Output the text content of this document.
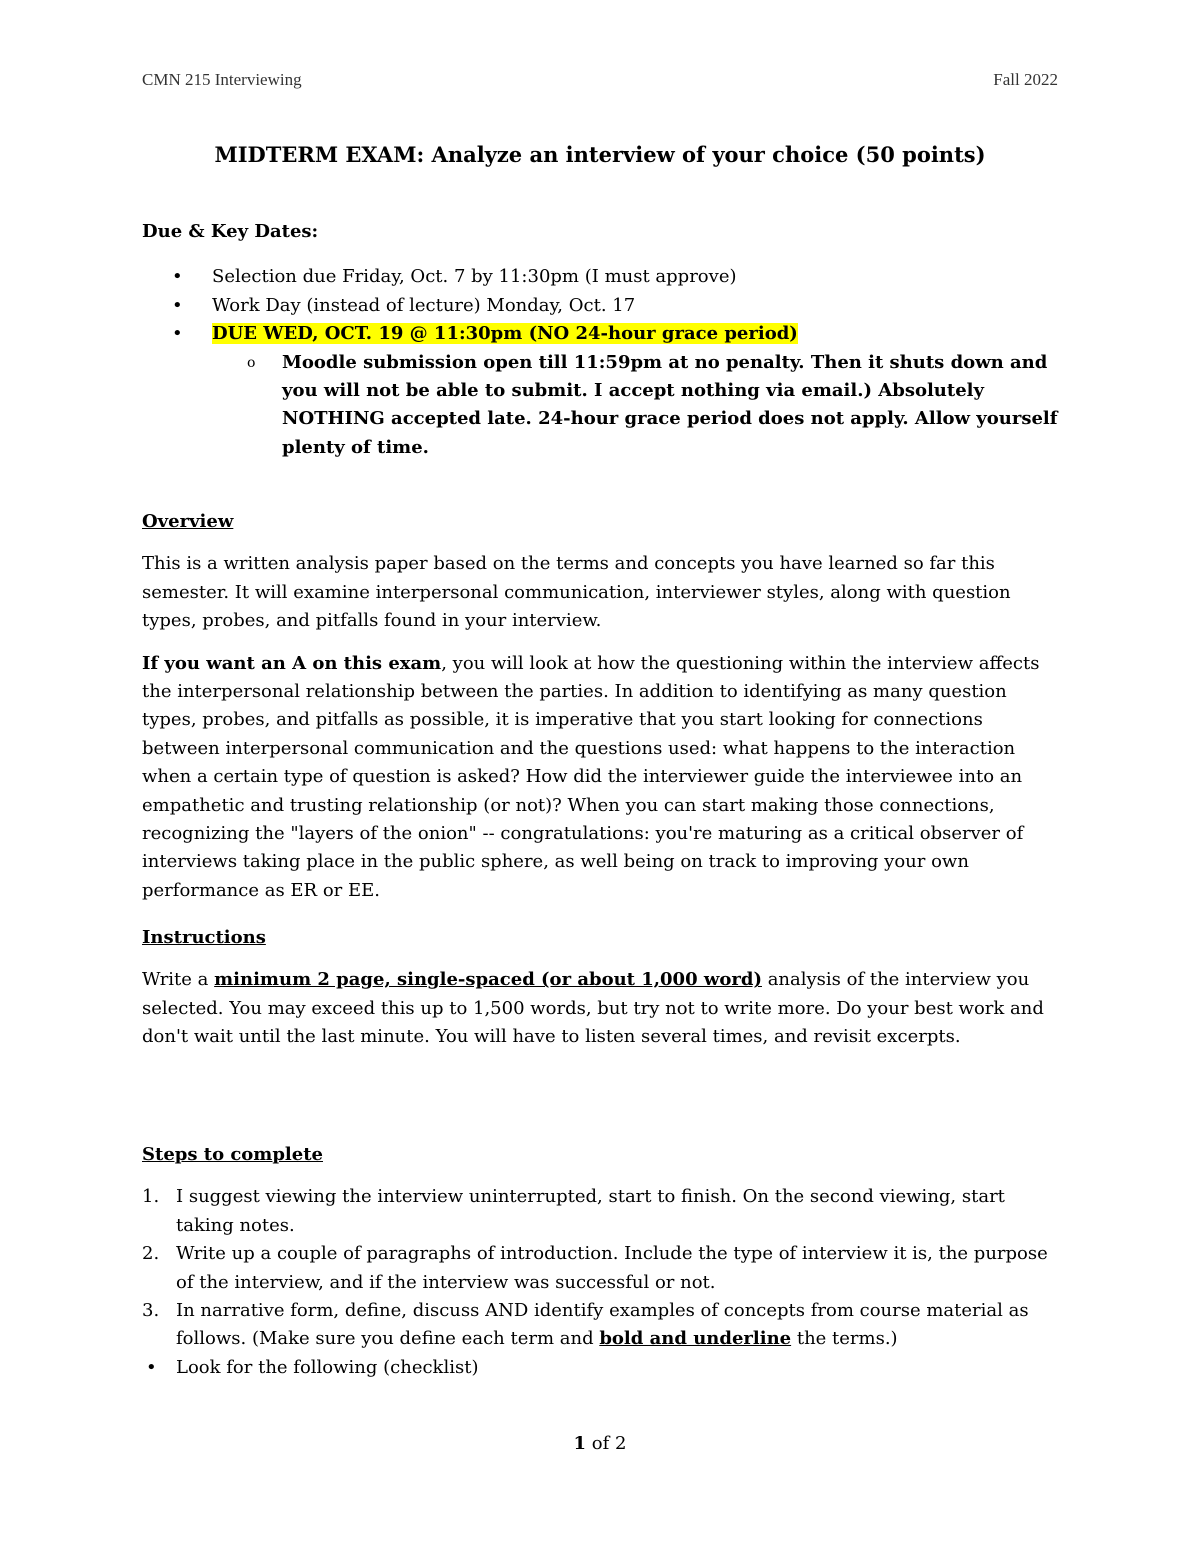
CMN 215 Interviewing	Fall 2022
MIDTERM EXAM: Analyze an interview of your choice (50 points)

Due & Key Dates:

• Selection due Friday, Oct. 7 by 11:30pm (I must approve)
• Work Day (instead of lecture) Monday, Oct. 17
• DUE WED, OCT. 19 @ 11:30pm (NO 24-hour grace period)
o Moodle submission open till 11:59pm at no penalty. Then it shuts down and you will not be able to submit. I accept nothing via email.) Absolutely NOTHING accepted late. 24-hour grace period does not apply. Allow yourself plenty of time.

Overview

This is a written analysis paper based on the terms and concepts you have learned so far this semester. It will examine interpersonal communication, interviewer styles, along with question types, probes, and pitfalls found in your interview.

If you want an A on this exam, you will look at how the questioning within the interview affects the interpersonal relationship between the parties. In addition to identifying as many question types, probes, and pitfalls as possible, it is imperative that you start looking for connections between interpersonal communication and the questions used: what happens to the interaction when a certain type of question is asked? How did the interviewer guide the interviewee into an empathetic and trusting relationship (or not)? When you can start making those connections, recognizing the "layers of the onion" -- congratulations: you're maturing as a critical observer of interviews taking place in the public sphere, as well being on track to improving your own performance as ER or EE.

Instructions

Write a minimum 2 page, single-spaced (or about 1,000 word) analysis of the interview you selected. You may exceed this up to 1,500 words, but try not to write more. Do your best work and don't wait until the last minute. You will have to listen several times, and revisit excerpts.

Steps to complete

1. I suggest viewing the interview uninterrupted, start to finish. On the second viewing, start taking notes.
2. Write up a couple of paragraphs of introduction. Include the type of interview it is, the purpose of the interview, and if the interview was successful or not.
3. In narrative form, define, discuss AND identify examples of concepts from course material as follows. (Make sure you define each term and bold and underline the terms.)
• Look for the following (checklist)
1 of 2
